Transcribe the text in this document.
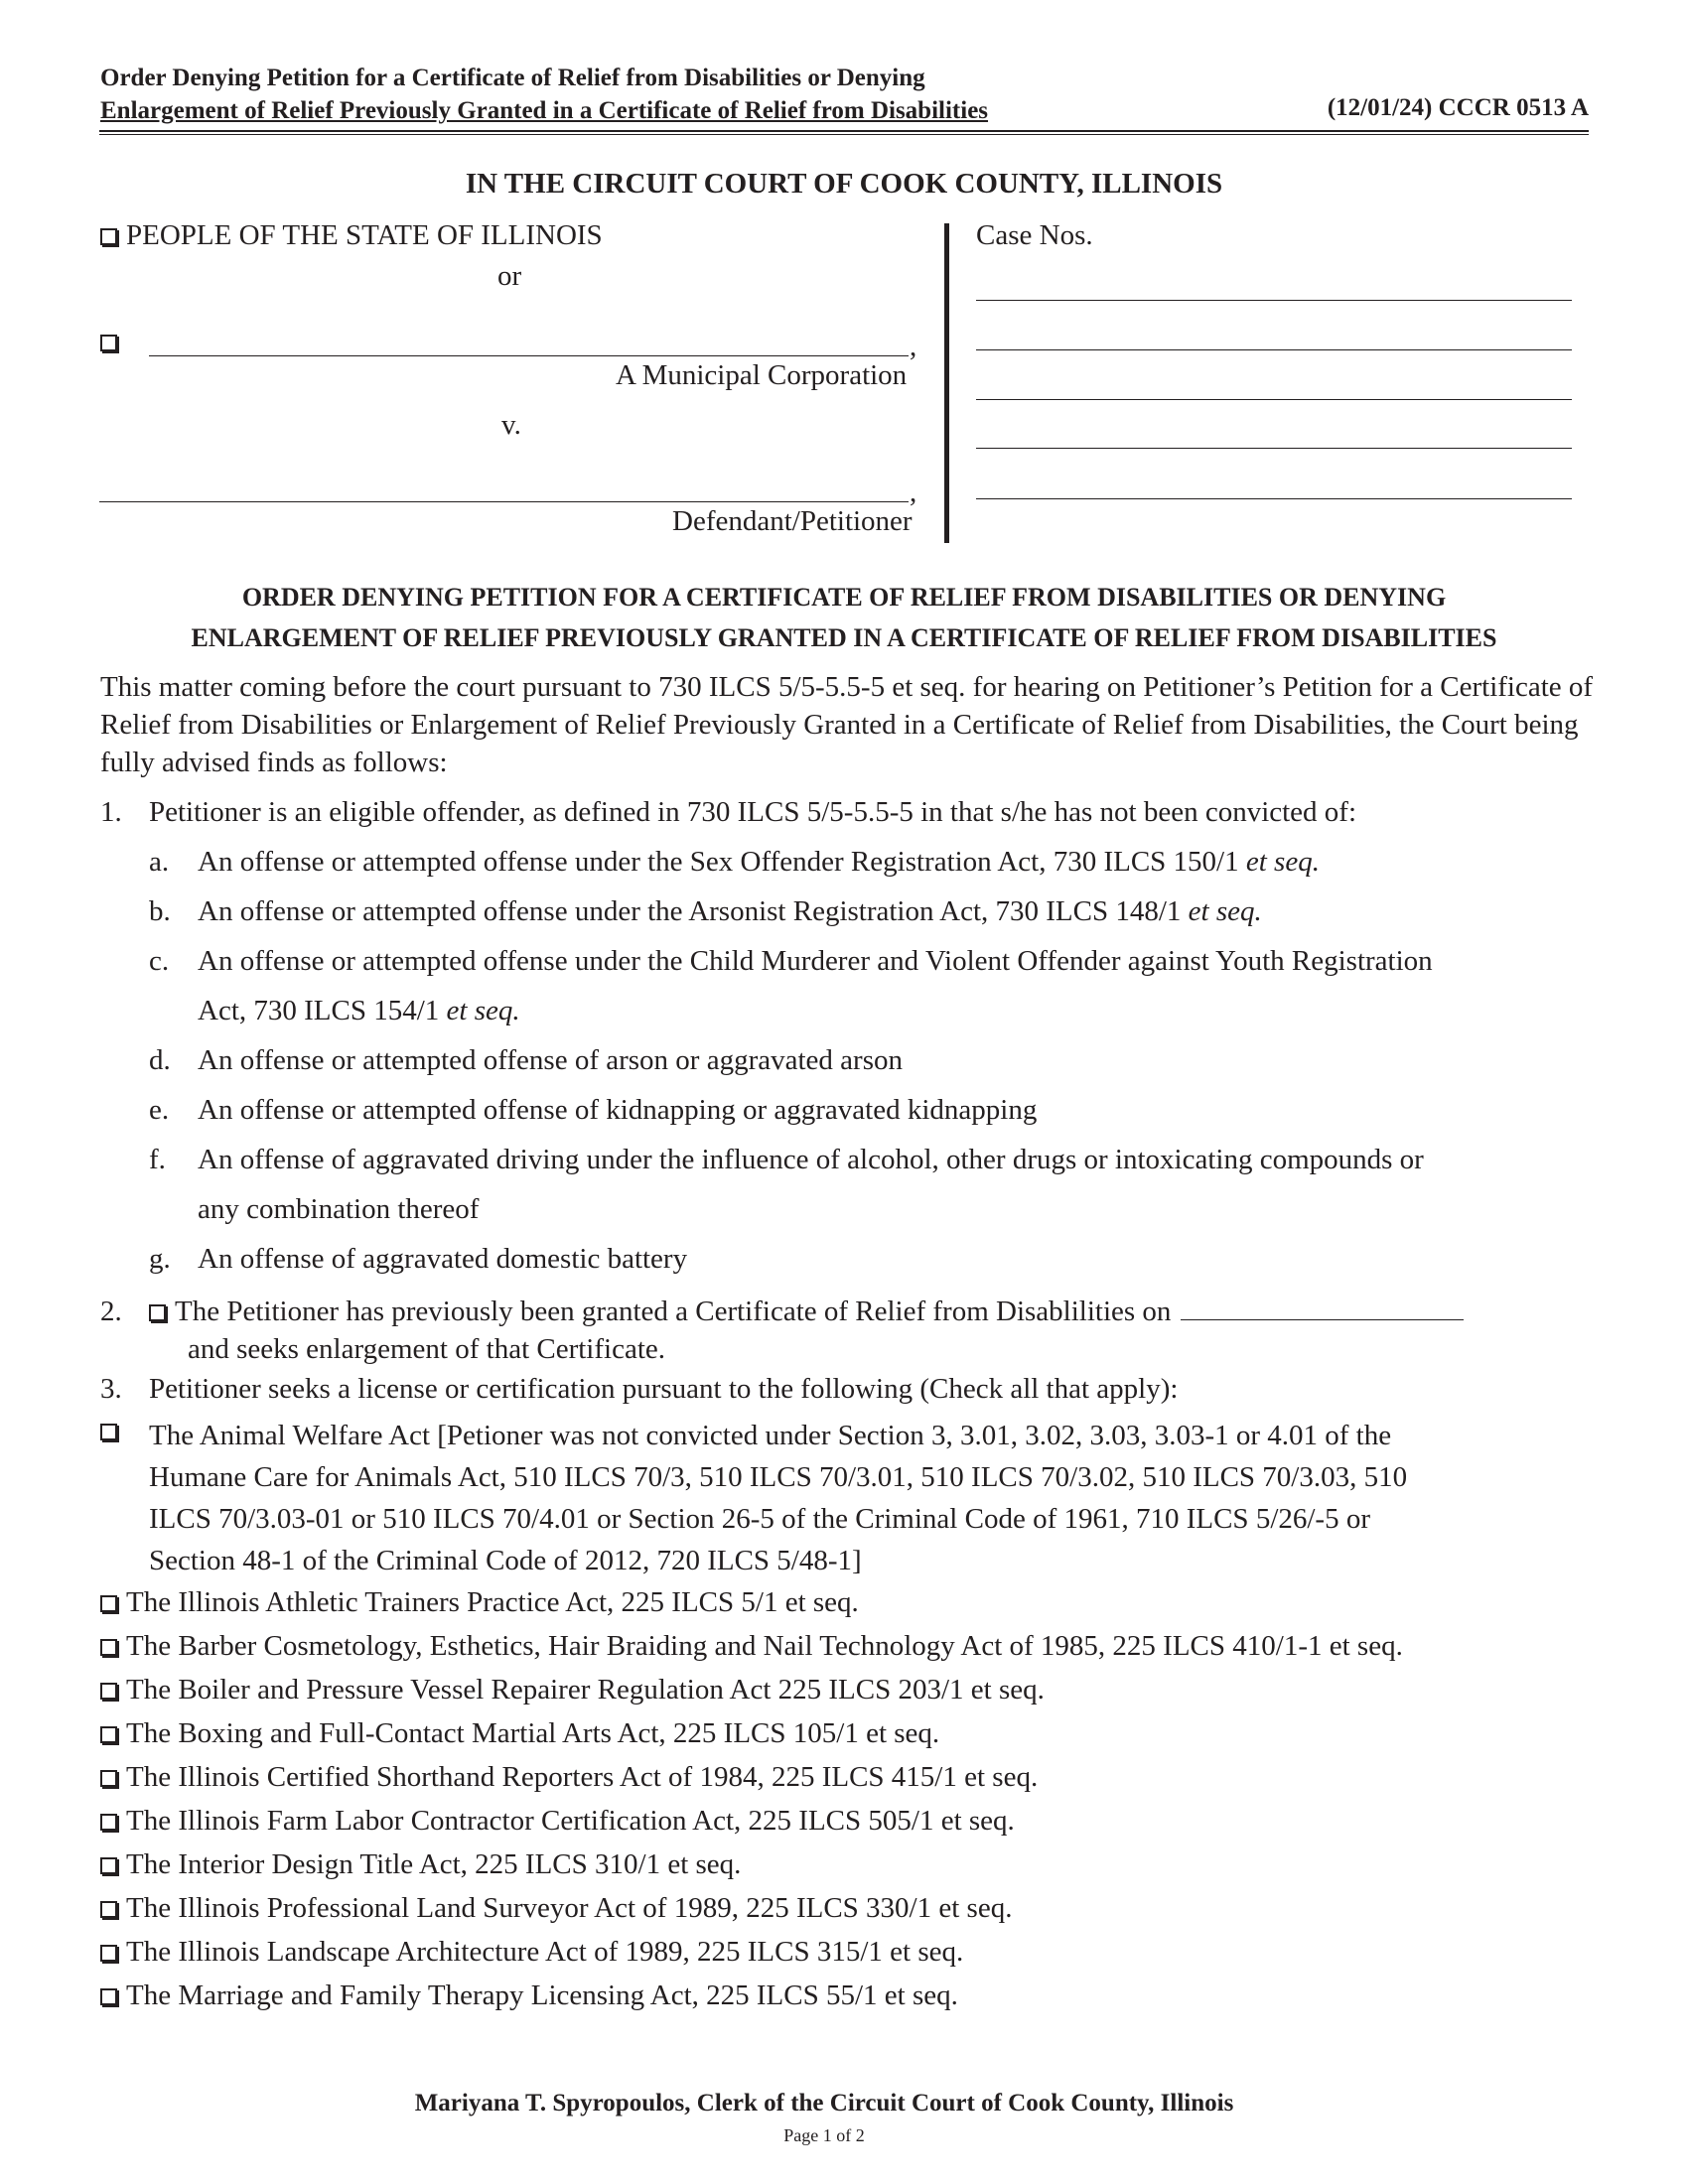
Order Denying Petition for a Certificate of Relief from Disabilities or Denying
Enlargement of Relief Previously Granted in a Certificate of Relief from Disabilities	(12/01/24) CCCR 0513 A
IN THE CIRCUIT COURT OF COOK COUNTY, ILLINOIS
PEOPLE OF THE STATE OF ILLINOIS
or
,
A Municipal Corporation
v.
,
Defendant/Petitioner
Case Nos.
ORDER DENYING PETITION FOR A CERTIFICATE OF RELIEF FROM DISABILITIES OR DENYING
ENLARGEMENT OF RELIEF PREVIOUSLY GRANTED IN A CERTIFICATE OF RELIEF FROM DISABILITIES
This matter coming before the court pursuant to 730 ILCS 5/5-5.5-5 et seq. for hearing on Petitioner’s Petition for a Certificate of Relief from Disabilities or Enlargement of Relief Previously Granted in a Certificate of Relief from Disabilities, the Court being fully advised finds as follows:
1. Petitioner is an eligible offender, as defined in 730 ILCS 5/5-5.5-5 in that s/he has not been convicted of:
a. An offense or attempted offense under the Sex Offender Registration Act, 730 ILCS 150/1 et seq.
b. An offense or attempted offense under the Arsonist Registration Act, 730 ILCS 148/1 et seq.
c. An offense or attempted offense under the Child Murderer and Violent Offender against Youth Registration
Act, 730 ILCS 154/1 et seq.
d. An offense or attempted offense of arson or aggravated arson
e. An offense or attempted offense of kidnapping or aggravated kidnapping
f. An offense of aggravated driving under the influence of alcohol, other drugs or intoxicating compounds or
any combination thereof
g. An offense of aggravated domestic battery
2.	The Petitioner has previously been granted a Certificate of Relief from Disablilities on
and seeks enlargement of that Certificate.
3. Petitioner seeks a license or certification pursuant to the following (Check all that apply):
The Animal Welfare Act [Petioner was not convicted under Section 3, 3.01, 3.02, 3.03, 3.03-1 or 4.01 of the
Humane Care for Animals Act, 510 ILCS 70/3, 510 ILCS 70/3.01, 510 ILCS 70/3.02, 510 ILCS 70/3.03, 510
ILCS 70/3.03-01 or 510 ILCS 70/4.01 or Section 26-5 of the Criminal Code of 1961, 710 ILCS 5/26/-5 or
Section 48-1 of the Criminal Code of 2012, 720 ILCS 5/48-1]
The Illinois Athletic Trainers Practice Act, 225 ILCS 5/1 et seq.
The Barber Cosmetology, Esthetics, Hair Braiding and Nail Technology Act of 1985, 225 ILCS 410/1-1 et seq.
The Boiler and Pressure Vessel Repairer Regulation Act 225 ILCS 203/1 et seq.
The Boxing and Full-Contact Martial Arts Act, 225 ILCS 105/1 et seq.
The Illinois Certified Shorthand Reporters Act of 1984, 225 ILCS 415/1 et seq.
The Illinois Farm Labor Contractor Certification Act, 225 ILCS 505/1 et seq.
The Interior Design Title Act, 225 ILCS 310/1 et seq.
The Illinois Professional Land Surveyor Act of 1989, 225 ILCS 330/1 et seq.
The Illinois Landscape Architecture Act of 1989, 225 ILCS 315/1 et seq.
The Marriage and Family Therapy Licensing Act, 225 ILCS 55/1 et seq.
Mariyana T. Spyropoulos, Clerk of the Circuit Court of Cook County, Illinois
Page 1 of 2
